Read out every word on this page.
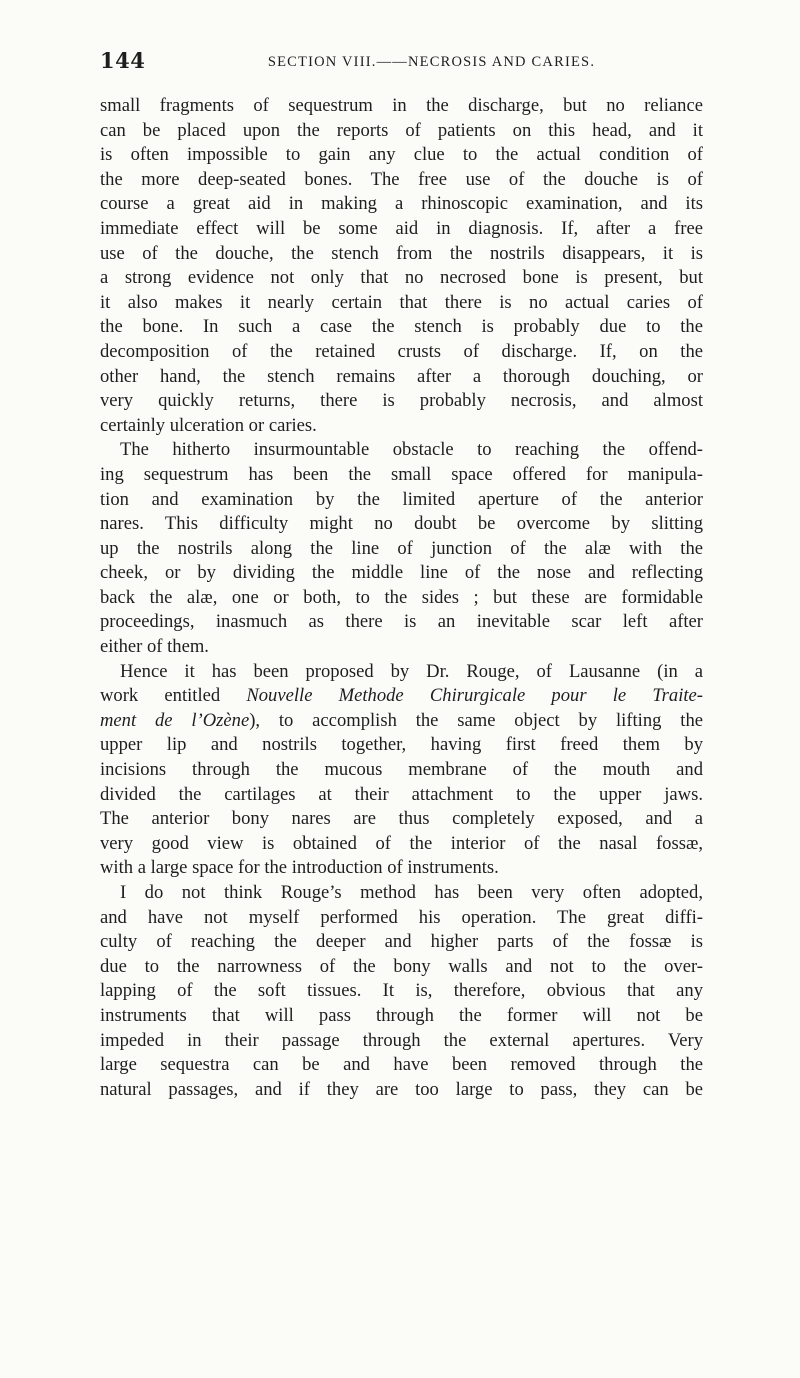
144	SECTION VIII.——NECROSIS AND CARIES.
small fragments of sequestrum in the discharge, but no reliance
can be placed upon the reports of patients on this head, and it
is often impossible to gain any clue to the actual condition of
the more deep-seated bones. The free use of the douche is of
course a great aid in making a rhinoscopic examination, and its
immediate effect will be some aid in diagnosis. If, after a free
use of the douche, the stench from the nostrils disappears, it is
a strong evidence not only that no necrosed bone is present, but
it also makes it nearly certain that there is no actual caries of
the bone. In such a case the stench is probably due to the
decomposition of the retained crusts of discharge. If, on the
other hand, the stench remains after a thorough douching, or
very quickly returns, there is probably necrosis, and almost
certainly ulceration or caries.
The hitherto insurmountable obstacle to reaching the offend-
ing sequestrum has been the small space offered for manipula-
tion and examination by the limited aperture of the anterior
nares. This difficulty might no doubt be overcome by slitting
up the nostrils along the line of junction of the alæ with the
cheek, or by dividing the middle line of the nose and reflecting
back the alæ, one or both, to the sides ; but these are formidable
proceedings, inasmuch as there is an inevitable scar left after
either of them.
Hence it has been proposed by Dr. Rouge, of Lausanne (in a
work entitled Nouvelle Methode Chirurgicale pour le Traite-
ment de l’Ozène), to accomplish the same object by lifting the
upper lip and nostrils together, having first freed them by
incisions through the mucous membrane of the mouth and
divided the cartilages at their attachment to the upper jaws.
The anterior bony nares are thus completely exposed, and a
very good view is obtained of the interior of the nasal fossæ,
with a large space for the introduction of instruments.
I do not think Rouge’s method has been very often adopted,
and have not myself performed his operation. The great diffi-
culty of reaching the deeper and higher parts of the fossæ is
due to the narrowness of the bony walls and not to the over-
lapping of the soft tissues. It is, therefore, obvious that any
instruments that will pass through the former will not be
impeded in their passage through the external apertures. Very
large sequestra can be and have been removed through the
natural passages, and if they are too large to pass, they can be
